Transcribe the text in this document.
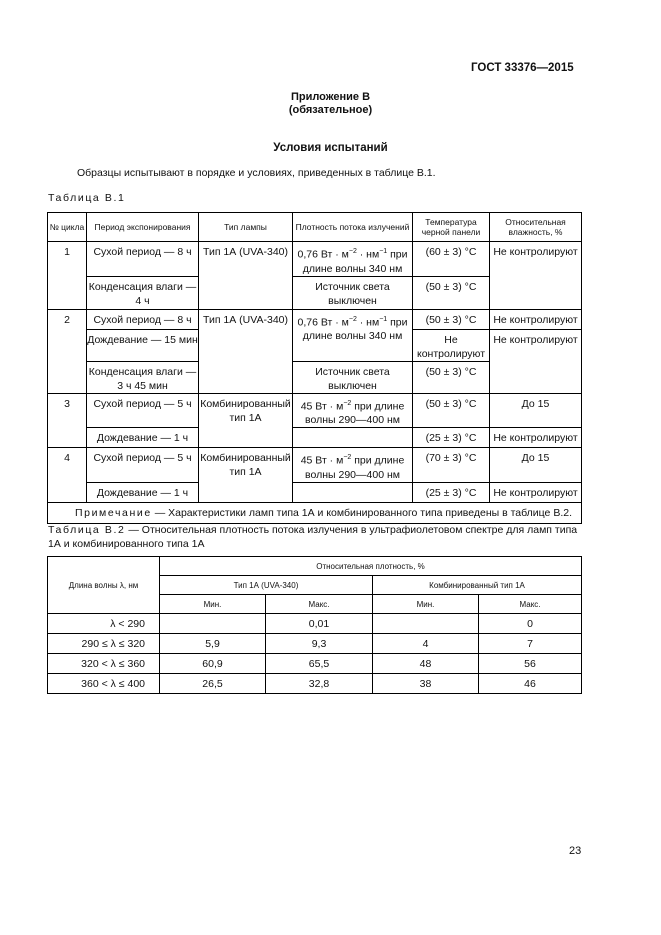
ГОСТ 33376—2015
Приложение В
(обязательное)
Условия испытаний
Образцы испытывают в порядке и условиях, приведенных в таблице В.1.
Таблица В.1
№ цикла	Период экспонирования	Тип лампы	Плотность потока излучений	Температура черной панели	Относительная влажность, %
1	Сухой период — 8 ч	Тип 1А (UVA-340)	0,76 Вт · $м^{-2} \cdot нм^{-1}$ при длине волны 340 нм	(60 ± 3) °С	Не контролируют
	Конденсация влаги — 4 ч		Источник света выключен	(50 ± 3) °С	
2	Сухой период — 8 ч	Тип 1А (UVA-340)	0,76 Вт · $м^{-2} \cdot нм^{-1}$ при длине волны 340 нм	(50 ± 3) °С	Не контролируют
	Дождевание — 15 мин			Не контролируют	Не контролируют
	Конденсация влаги — 3 ч 45 мин		Источник света выключен	(50 ± 3) °С	
3	Сухой период — 5 ч	Комбинированный тип 1А	45 Вт · $м^{-2}$ при длине волны 290—400 нм	(50 ± 3) °С	До 15
	Дождевание — 1 ч			(25 ± 3) °С	Не контролируют
4	Сухой период — 5 ч	Комбинированный тип 1А	45 Вт · $м^{-2}$ при длине волны 290—400 нм	(70 ± 3) °С	До 15
	Дождевание — 1 ч			(25 ± 3) °С	Не контролируют
Примечание — Характеристики ламп типа 1А и комбинированного типа приведены в таблице В.2.					
Таблица В.2 — Относительная плотность потока излучения в ультрафиолетовом спектре для ламп типа 1А и комбинированного типа 1А
Длина волны λ, нм	Относительная плотность, %			
	Тип 1А (UVA-340)		Комбинированный тип 1А	
	Мин.	Макс.	Мин.	Макс.
λ < 290		0,01		0
290 ≤ λ ≤ 320	5,9	9,3	4	7
320 < λ ≤ 360	60,9	65,5	48	56
360 < λ ≤ 400	26,5	32,8	38	46
23
